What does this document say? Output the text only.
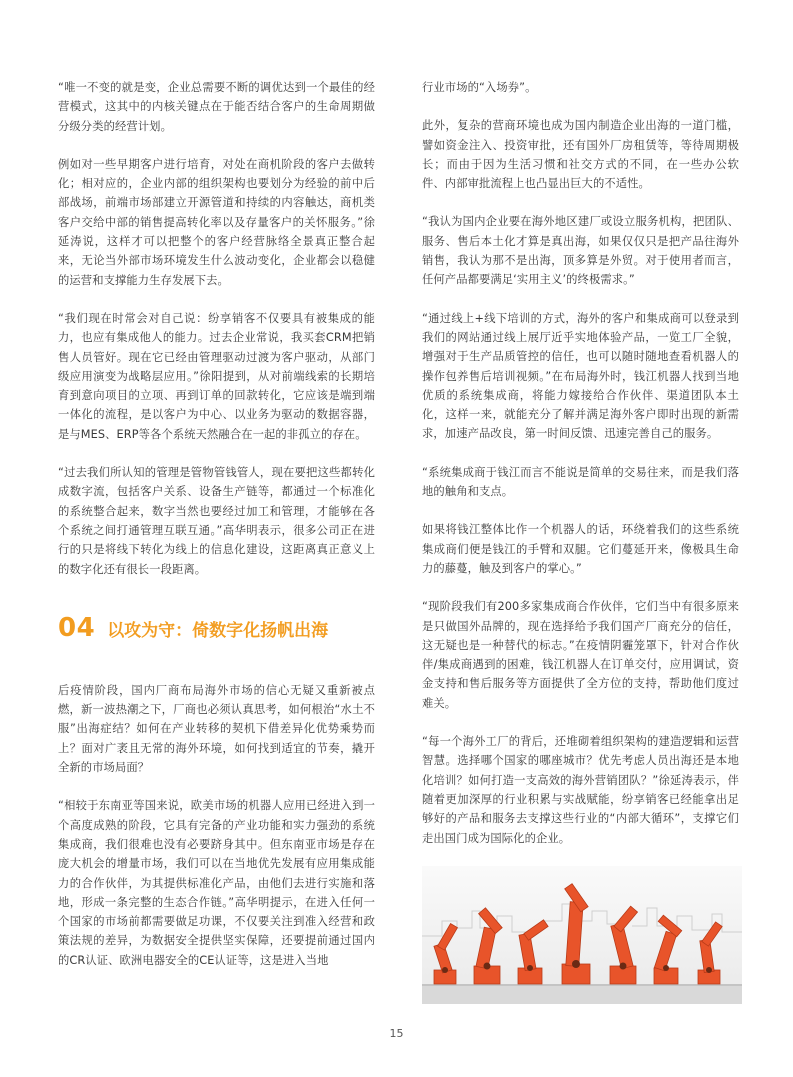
“唯一不变的就是变，企业总需要不断的调优达到一个最佳的经营模式，这其中的内核关键点在于能否结合客户的生命周期做分级分类的经营计划。

例如对一些早期客户进行培育，对处在商机阶段的客户去做转化；相对应的，企业内部的组织架构也要划分为经验的前中后部战场，前端市场部建立开源管道和持续的内容触达，商机类客户交给中部的销售提高转化率以及存量客户的关怀服务。”徐延涛说，这样才可以把整个的客户经营脉络全景真正整合起来，无论当外部市场环境发生什么波动变化，企业都会以稳健的运营和支撑能力生存发展下去。

“我们现在时常会对自己说：纷享销客不仅要具有被集成的能力，也应有集成他人的能力。过去企业常说，我买套CRM把销售人员管好。现在它已经由管理驱动过渡为客户驱动，从部门级应用演变为战略层应用。”徐阳提到，从对前端线索的长期培育到意向项目的立项、再到订单的回款转化，它应该是端到端一体化的流程，是以客户为中心、以业务为驱动的数据容器，是与MES、ERP等各个系统天然融合在一起的非孤立的存在。

“过去我们所认知的管理是管物管钱管人，现在要把这些都转化成数字流，包括客户关系、设备生产链等，都通过一个标准化的系统整合起来，数字当然也要经过加工和管理，才能够在各个系统之间打通管理互联互通。”高华明表示，很多公司正在进行的只是将线下转化为线上的信息化建设，这距离真正意义上的数字化还有很长一段距离。

04 以攻为守：倚数字化扬帆出海

后疫情阶段，国内厂商布局海外市场的信心无疑又重新被点燃，新一波热潮之下，厂商也必须认真思考，如何根治“水土不服”出海症结？如何在产业转移的契机下借差异化优势乘势而上？面对广袤且无常的海外环境，如何找到适宜的节奏，撬开全新的市场局面？

“相较于东南亚等国来说，欧美市场的机器人应用已经进入到一个高度成熟的阶段，它具有完备的产业功能和实力强劲的系统集成商，我们很难也没有必要跻身其中。但东南亚市场是存在庞大机会的增量市场，我们可以在当地优先发展有应用集成能力的合作伙伴，为其提供标准化产品，由他们去进行实施和落地，形成一条完整的生态合作链。”高华明提示，在进入任何一个国家的市场前都需要做足功课，不仅要关注到准入经营和政策法规的差异，为数据安全提供坚实保障，还要提前通过国内的CR认证、欧洲电器安全的CE认证等，这是进入当地

行业市场的“入场券”。

此外，复杂的营商环境也成为国内制造企业出海的一道门槛，譬如资金注入、投资审批，还有国外厂房租赁等，等待周期极长；而由于因为生活习惯和社交方式的不同，在一些办公软件、内部审批流程上也凸显出巨大的不适性。

“我认为国内企业要在海外地区建厂或设立服务机构，把团队、服务、售后本土化才算是真出海，如果仅仅只是把产品往海外销售，我认为那不是出海，顶多算是外贸。对于使用者而言，任何产品都要满足‘实用主义’的终极需求。”

“通过线上+线下培训的方式，海外的客户和集成商可以登录到我们的网站通过线上展厅近乎实地体验产品，一览工厂全貌，增强对于生产品质管控的信任，也可以随时随地查看机器人的操作包养售后培训视频。”在布局海外时，钱江机器人找到当地优质的系统集成商，将能力嫁接给合作伙伴、渠道团队本土化，这样一来，就能充分了解并满足海外客户即时出现的新需求，加速产品改良，第一时间反馈、迅速完善自己的服务。

“系统集成商于钱江而言不能说是简单的交易往来，而是我们落地的触角和支点。

如果将钱江整体比作一个机器人的话，环绕着我们的这些系统集成商们便是钱江的手臂和双腿。它们蔓延开来，像极具生命力的藤蔓，触及到客户的掌心。”

“现阶段我们有200多家集成商合作伙伴，它们当中有很多原来是只做国外品牌的，现在选择给予我们国产厂商充分的信任，这无疑也是一种替代的标志。”在疫情阴霾笼罩下，针对合作伙伴/集成商遇到的困难，钱江机器人在订单交付，应用调试，资金支持和售后服务等方面提供了全方位的支持，帮助他们度过难关。

“每一个海外工厂的背后，还堆砌着组织架构的建造逻辑和运营智慧。选择哪个国家的哪座城市？优先考虑人员出海还是本地化培训？如何打造一支高效的海外营销团队？”徐延涛表示，伴随着更加深厚的行业积累与实战赋能，纷享销客已经能拿出足够好的产品和服务去支撑这些行业的“内部大循环”，支撑它们走出国门成为国际化的企业。

15
